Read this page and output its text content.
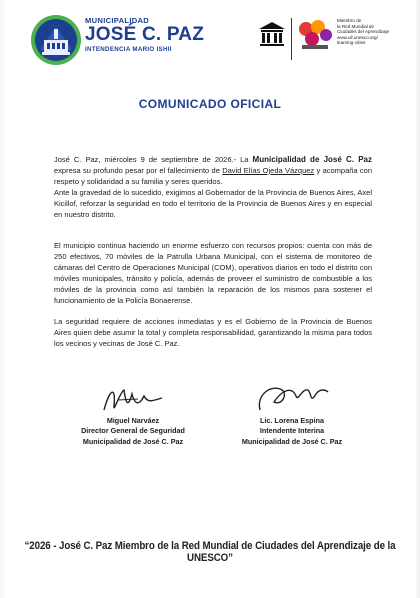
MUNICIPALIDAD
JOSÉ C. PAZ
INTENDENCIA MARIO ISHII
Miembro de
la Red Mundial de
Ciudades del Aprendizaje
www.uil.unesco.org/
learning-cities
COMUNICADO OFICIAL
José C. Paz, miércoles 9 de septiembre de 2026.- La Municipalidad de José C. Paz expresa su profundo pesar por el fallecimiento de David Elías Ojeda Vázquez y acompaña con respeto y solidaridad a su familia y seres queridos.
Ante la gravedad de lo sucedido, exigimos al Gobernador de la Provincia de Buenos Aires, Axel Kicillof, reforzar la seguridad en todo el territorio de la Provincia de Buenos Aires y en especial en nuestro distrito.
El municipio continua haciendo un enorme esfuerzo con recursos propios: cuenta con más de 250 efectivos, 70 móviles de la Patrulla Urbana Municipal, con el sistema de monitoreo de cámaras del Centro de Operaciones Municipal (COM), operativos diarios en todo el distrito con móviles municipales, tránsito y policía, además de proveer el suministro de combustible a los móviles de la provincia como así también la reparación de los mismos para sostener el funcionamiento de la Policía Bonaerense.
La seguridad requiere de acciones inmediatas y es el Gobierno de la Provincia de Buenos Aires quien debe asumir la total y completa responsabilidad, garantizando la misma para todos los vecinos y vecinas de José C. Paz.
Miguel Narváez
Director General de Seguridad
Municipalidad de José C. Paz
Lic. Lorena Espina
Intendente Interina
Municipalidad de José C. Paz
“2026 - José C. Paz Miembro de la Red Mundial de Ciudades del Aprendizaje de la UNESCO”
